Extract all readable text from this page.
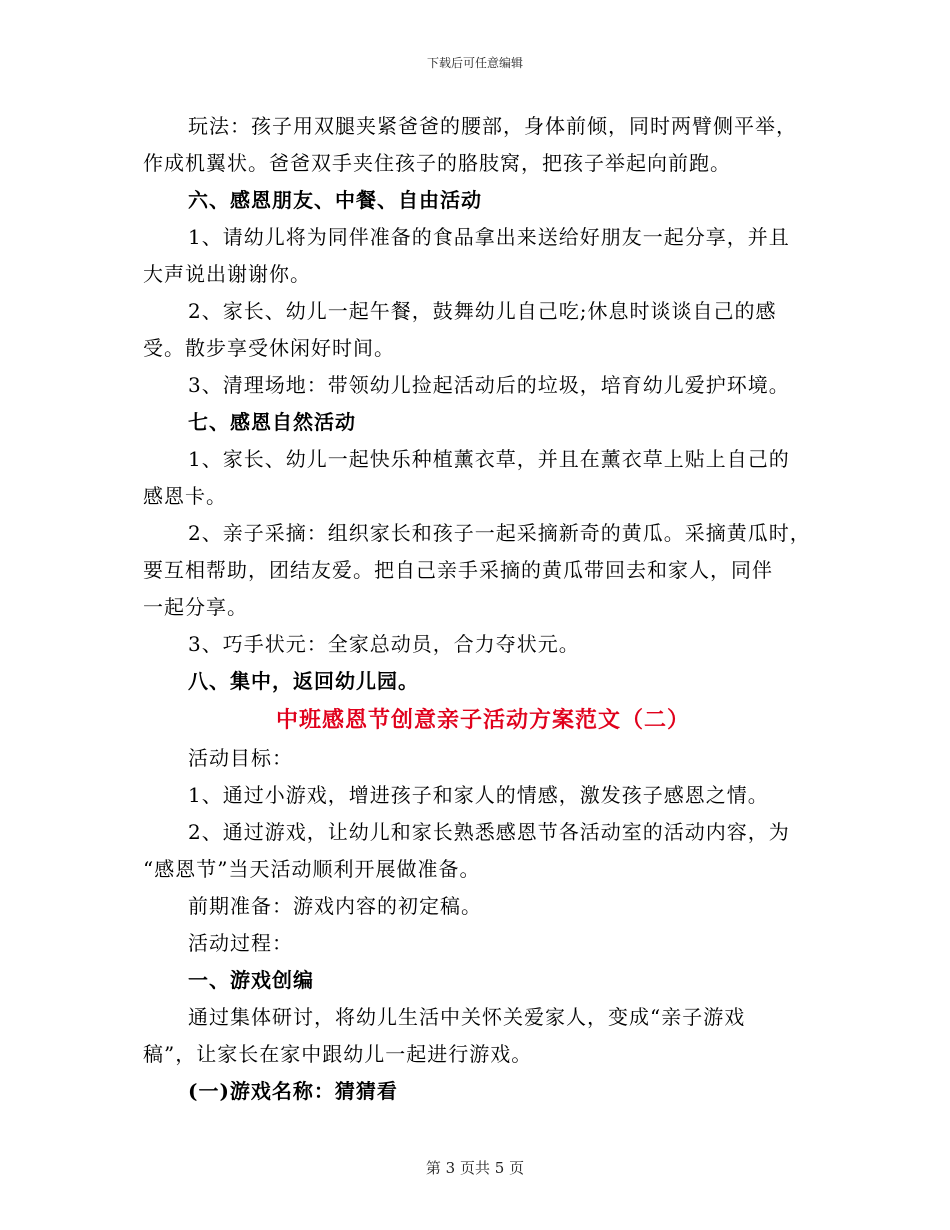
下载后可任意编辑

玩法：孩子用双腿夹紧爸爸的腰部，身体前倾，同时两臂侧平举，

作成机翼状。爸爸双手夹住孩子的胳肢窝，把孩子举起向前跑。

六、感恩朋友、中餐、自由活动

1、请幼儿将为同伴准备的食品拿出来送给好朋友一起分享，并且

大声说出谢谢你。

2、家长、幼儿一起午餐，鼓舞幼儿自己吃;休息时谈谈自己的感

受。散步享受休闲好时间。

3、清理场地：带领幼儿捡起活动后的垃圾，培育幼儿爱护环境。

七、感恩自然活动

1、家长、幼儿一起快乐种植薰衣草，并且在薰衣草上贴上自己的

感恩卡。

2、亲子采摘：组织家长和孩子一起采摘新奇的黄瓜。采摘黄瓜时，

要互相帮助，团结友爱。把自己亲手采摘的黄瓜带回去和家人，同伴

一起分享。

3、巧手状元：全家总动员，合力夺状元。

八、集中，返回幼儿园。

中班感恩节创意亲子活动方案范文（二）

活动目标：

1、通过小游戏，增进孩子和家人的情感，激发孩子感恩之情。

2、通过游戏，让幼儿和家长熟悉感恩节各活动室的活动内容，为

“感恩节”当天活动顺利开展做准备。

前期准备：游戏内容的初定稿。

活动过程：

一、游戏创编

通过集体研讨，将幼儿生活中关怀关爱家人，变成“亲子游戏

稿”，让家长在家中跟幼儿一起进行游戏。

(一)游戏名称：猜猜看

第 3 页共 5 页
